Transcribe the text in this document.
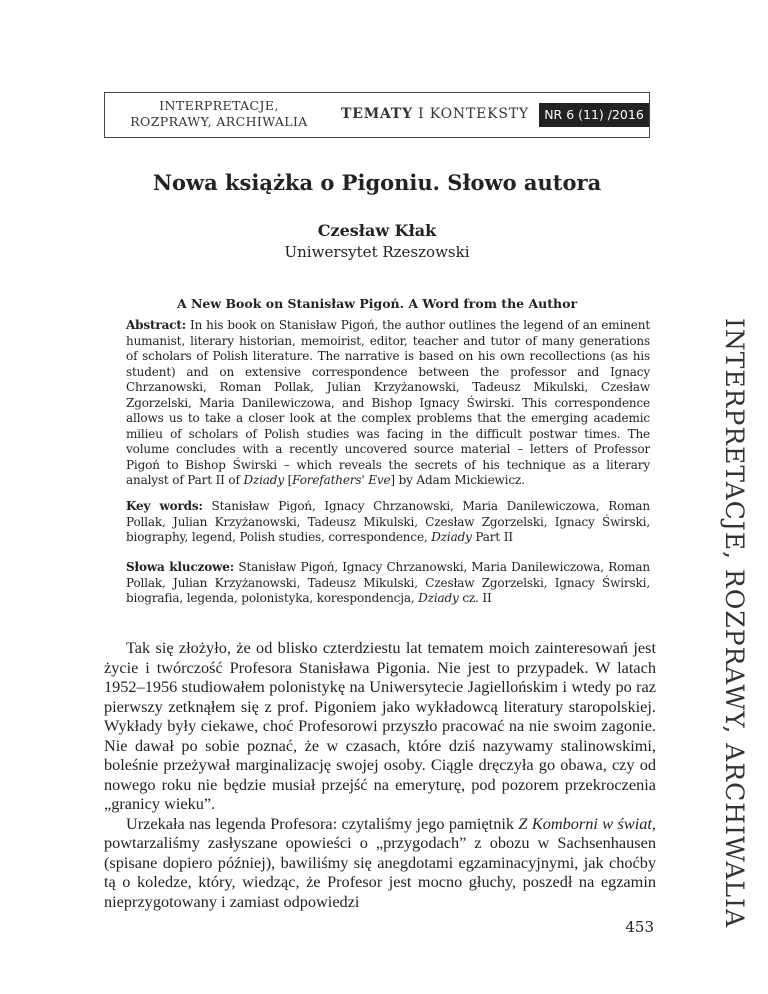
INTERPRETACJE,
ROZPRAWY, ARCHIWALIA	TEMATY I KONTEKSTY	NR 6 (11) /2016
Nowa książka o Pigoniu. Słowo autora
Czesław Kłak
Uniwersytet Rzeszowski
A New Book on Stanisław Pigoń. A Word from the Author
Abstract: In his book on Stanisław Pigoń, the author outlines the legend of an eminent humanist, literary historian, memoirist, editor, teacher and tutor of many generations of scholars of Polish literature. The narrative is based on his own recollections (as his student) and on extensive correspondence between the professor and Ignacy Chrzanowski, Roman Pollak, Julian Krzyżanowski, Tadeusz Mikulski, Czesław Zgorzelski, Maria Danilewiczowa, and Bishop Ignacy Świrski. This correspondence allows us to take a closer look at the complex problems that the emerging academic milieu of scholars of Polish studies was facing in the difficult postwar times. The volume concludes with a recently uncovered source material – letters of Professor Pigoń to Bishop Świrski – which reveals the secrets of his technique as a literary analyst of Part II of Dziady [Forefathers' Eve] by Adam Mickiewicz.
Key words: Stanisław Pigoń, Ignacy Chrzanowski, Maria Danilewiczowa, Roman Pollak, Julian Krzyżanowski, Tadeusz Mikulski, Czesław Zgorzelski, Ignacy Świrski, biography, legend, Polish studies, correspondence, Dziady Part II
Słowa kluczowe: Stanisław Pigoń, Ignacy Chrzanowski, Maria Danilewiczowa, Roman Pollak, Julian Krzyżanowski, Tadeusz Mikulski, Czesław Zgorzelski, Ignacy Świrski, biografia, legenda, polonistyka, korespondencja, Dziady cz. II

Tak się złożyło, że od blisko czterdziestu lat tematem moich zainteresowań jest życie i twórczość Profesora Stanisława Pigonia. Nie jest to przypadek. W latach 1952–1956 studiowałem polonistykę na Uniwersytecie Jagiellońskim i wtedy po raz pierwszy zetknąłem się z prof. Pigoniem jako wykładowcą literatury staropolskiej. Wykłady były ciekawe, choć Profesorowi przyszło pracować na nie swoim zagonie. Nie dawał po sobie poznać, że w czasach, które dziś nazywamy stalinowskimi, boleśnie przeżywał marginalizację swojej osoby. Ciągle dręczyła go obawa, czy od nowego roku nie będzie musiał przejść na emeryturę, pod pozorem przekroczenia „granicy wieku”.

Urzekała nas legenda Profesora: czytaliśmy jego pamiętnik Z Komborni w świat, powtarzaliśmy zasłyszane opowieści o „przygodach” z obozu w Sachsenhausen (spisane dopiero później), bawiliśmy się anegdotami egzaminacyjnymi, jak choćby tą o koledze, który, wiedząc, że Profesor jest mocno głuchy, poszedł na egzamin nieprzygotowany i zamiast odpowiedzi	INTERPRETACJE, ROZPRAWY, ARCHIWALIA
453
